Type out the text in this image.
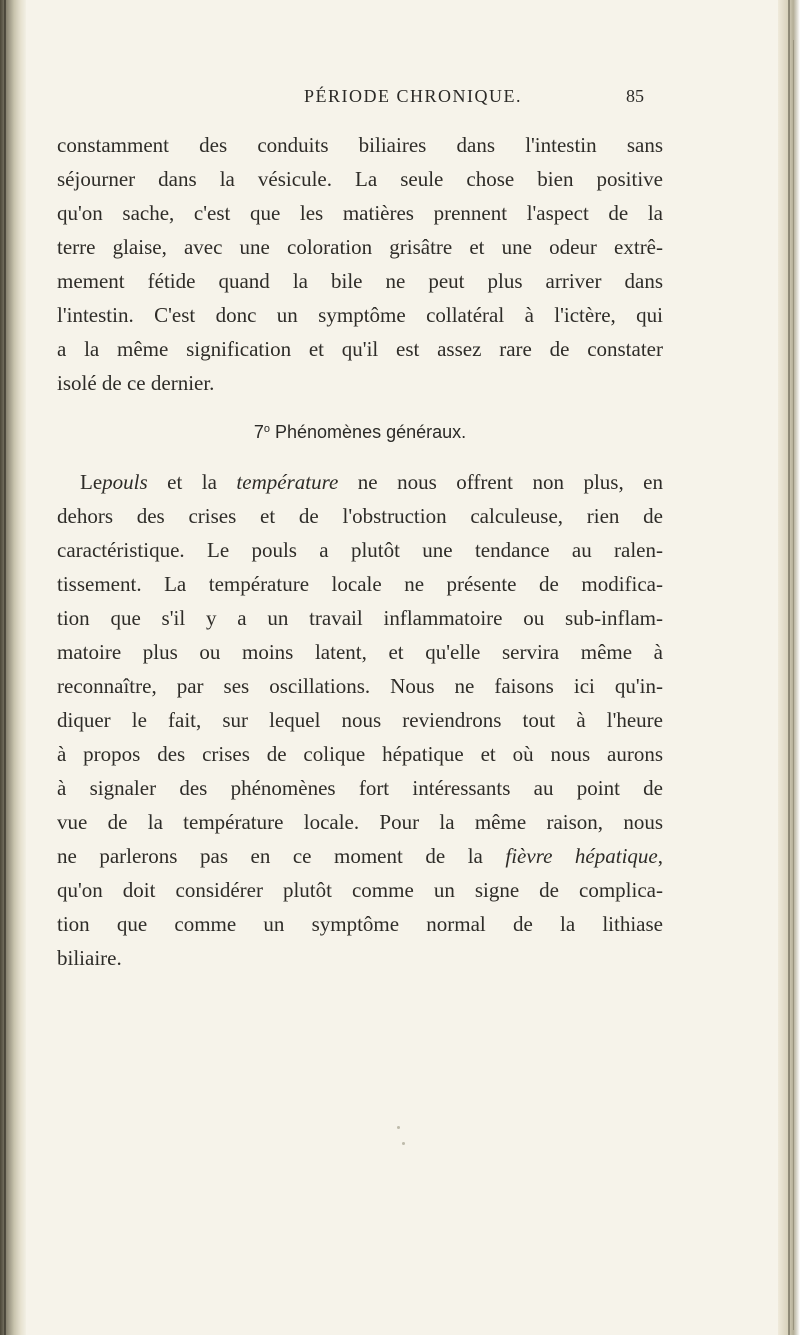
PÉRIODE CHRONIQUE.	85
constamment des conduits biliaires dans l'intestin sans
séjourner dans la vésicule. La seule chose bien positive
qu'on sache, c'est que les matières prennent l'aspect de la
terre glaise, avec une coloration grisâtre et une odeur extrê-
mement fétide quand la bile ne peut plus arriver dans
l'intestin. C'est donc un symptôme collatéral à l'ictère, qui
a la même signification et qu'il est assez rare de constater
isolé de ce dernier.
7$^o$ Phénomènes généraux.
Lepouls et la température ne nous offrent non plus, en
dehors des crises et de l'obstruction calculeuse, rien de
caractéristique. Le pouls a plutôt une tendance au ralen-
tissement. La température locale ne présente de modifica-
tion que s'il y a un travail inflammatoire ou sub-inflam-
matoire plus ou moins latent, et qu'elle servira même à
reconnaître, par ses oscillations. Nous ne faisons ici qu'in-
diquer le fait, sur lequel nous reviendrons tout à l'heure
à propos des crises de colique hépatique et où nous aurons
à signaler des phénomènes fort intéressants au point de
vue de la température locale. Pour la même raison, nous
ne parlerons pas en ce moment de la fièvre hépatique,
qu'on doit considérer plutôt comme un signe de complica-
tion que comme un symptôme normal de la lithiase
biliaire.
